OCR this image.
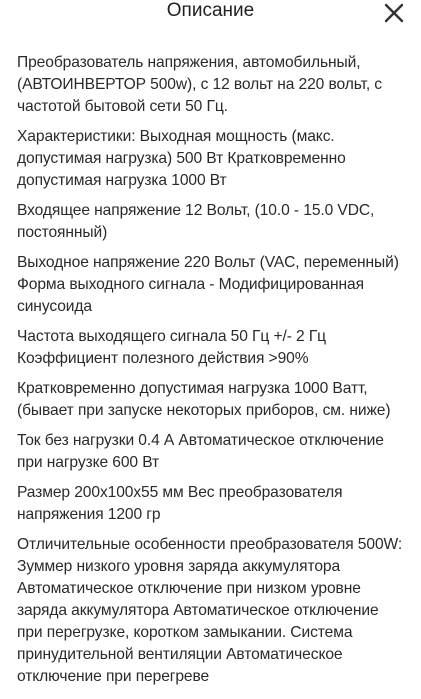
Описание

Преобразователь напряжения, автомобильный, (АВТОИНВЕРТОР 500w), с 12 вольт на 220 вольт, с частотой бытовой сети 50 Гц.

Характеристики: Выходная мощность (макс. допустимая нагрузка) 500 Вт Кратковременно допустимая нагрузка 1000 Вт

Входящее напряжение 12 Вольт, (10.0 - 15.0 VDC, постоянный)

Выходное напряжение 220 Вольт (VAC, переменный) Форма выходного сигнала - Модифицированная синусоида

Частота выходящего сигнала 50 Гц +/- 2 Гц Коэффициент полезного действия >90%

Кратковременно допустимая нагрузка 1000 Ватт, (бывает при запуске некоторых приборов, см. ниже)

Ток без нагрузки 0.4 А Автоматическое отключение при нагрузке 600 Вт

Размер 200х100х55 мм Вес преобразователя напряжения 1200 гр

Отличительные особенности преобразователя 500W: Зуммер низкого уровня заряда аккумулятора Автоматическое отключение при низком уровне заряда аккумулятора Автоматическое отключение при перегрузке, коротком замыкании. Система принудительной вентиляции Автоматическое отключение при перегреве
